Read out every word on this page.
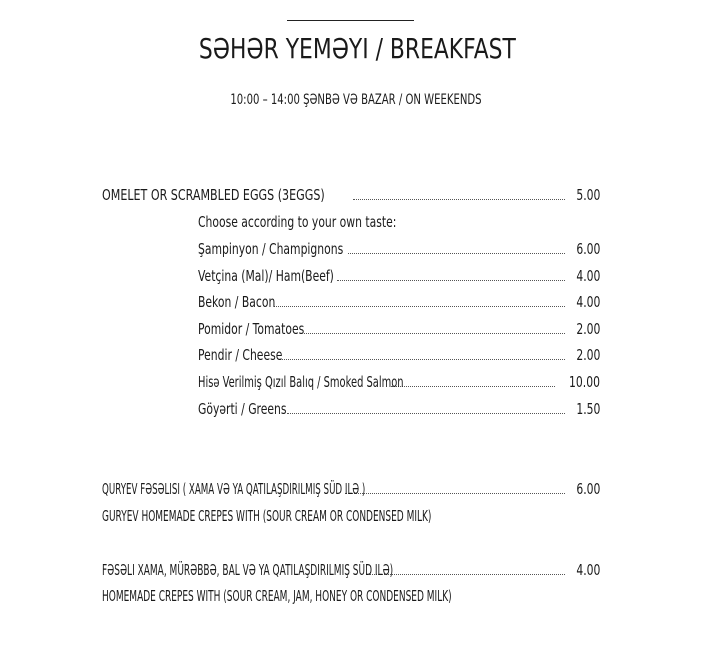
SƏHƏR YEMƏYI / BREAKFAST
10:00 – 14:00 ŞƏNBƏ VƏ BAZAR / ON WEEKENDS
OMELET OR SCRAMBLED EGGS (3EGGS)	5.00
Choose according to your own taste:
Şampinyon / Champignons	6.00
Vetçina (Mal)/ Ham(Beef)	4.00
Bekon / Bacon	4.00
Pomidor / Tomatoes	2.00
Pendir / Cheese	2.00
Hisə Verilmiş Qızıl Balıq / Smoked Salmon	10.00
Göyərti / Greens	1.50
QURYEV FƏSƏLISI ( XAMA VƏ YA QATILAŞDIRILMIŞ SÜD ILƏ )	6.00
GURYEV HOMEMADE CREPES WITH (SOUR CREAM OR CONDENSED MILK)
FƏSƏLI XAMA, MÜRƏBBƏ, BAL VƏ YA QATILAŞDIRILMIŞ SÜD ILƏ)	4.00
HOMEMADE CREPES WITH (SOUR CREAM, JAM, HONEY OR CONDENSED MILK)
